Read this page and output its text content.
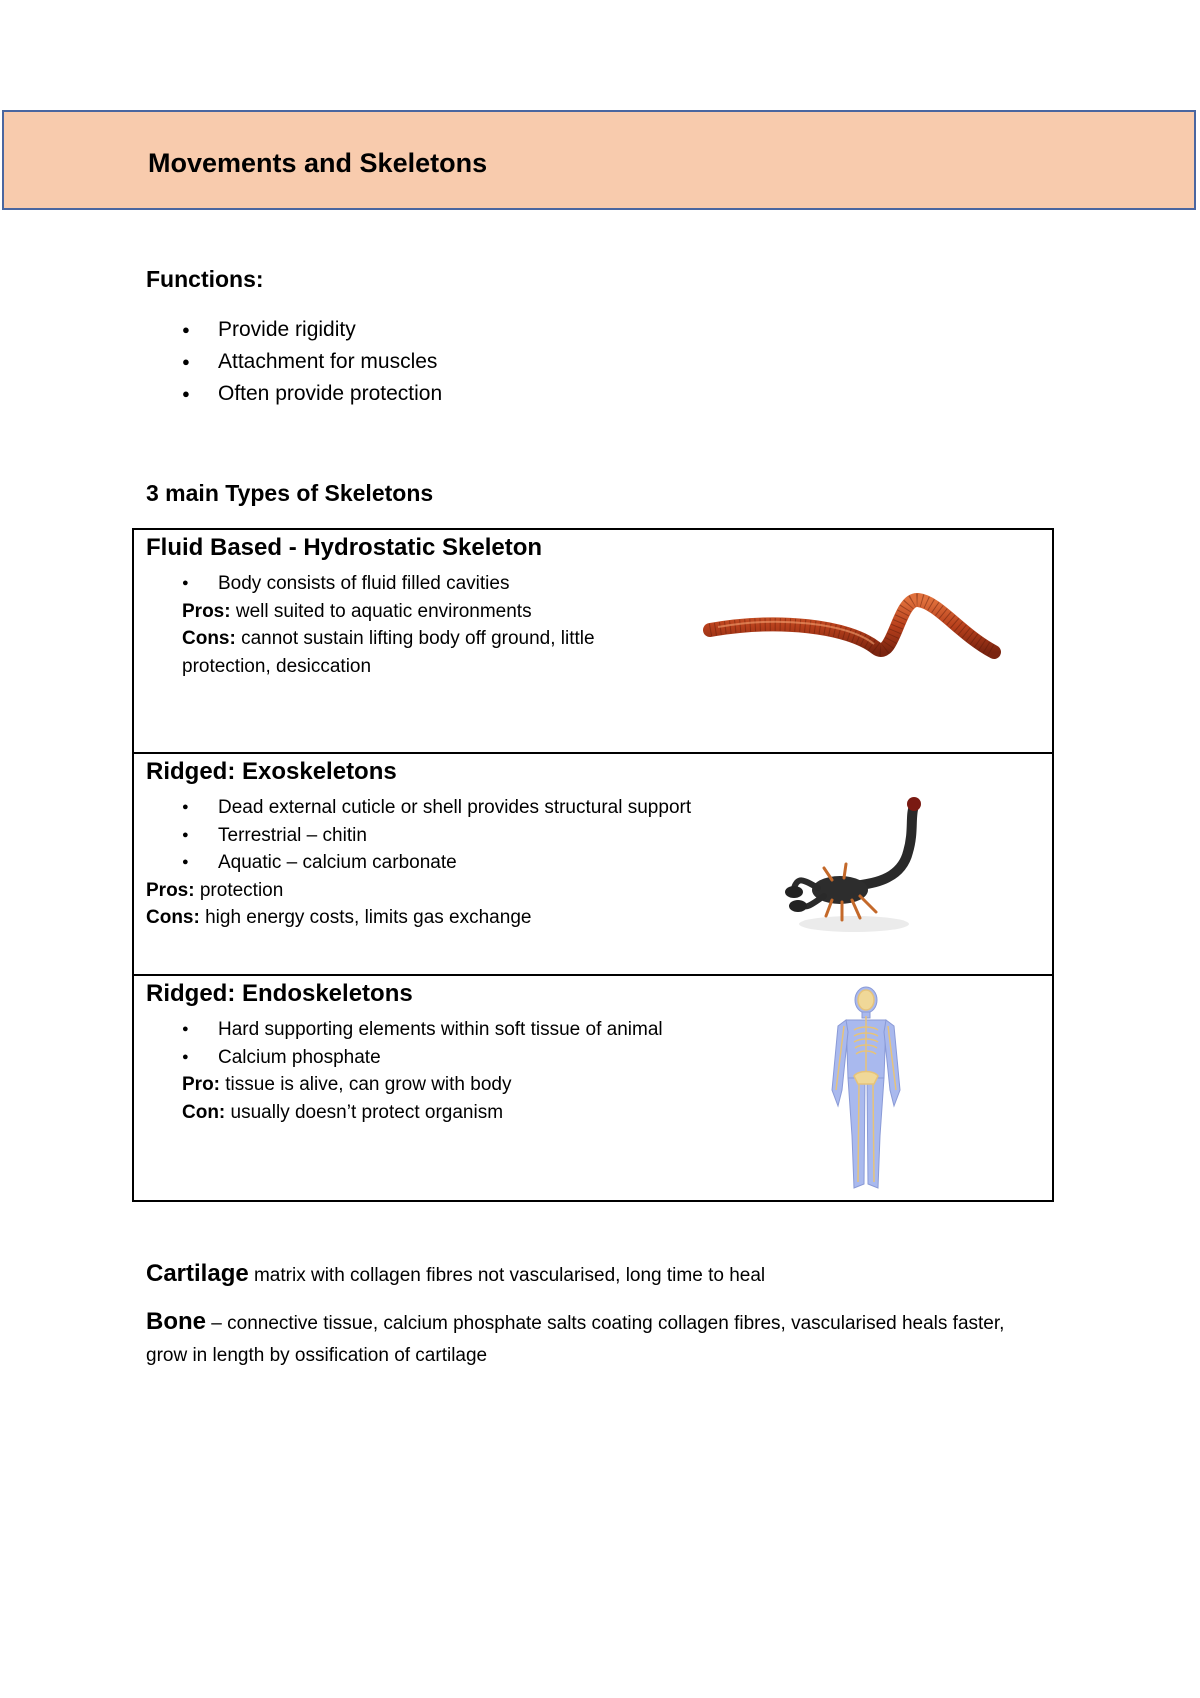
Movements and Skeletons
Functions:
● Provide rigidity
● Attachment for muscles
● Often provide protection
3 main Types of Skeletons
Fluid Based - Hydrostatic Skeleton
● Body consists of fluid filled cavities
Pros: well suited to aquatic environments
Cons: cannot sustain lifting body off ground, little
protection, desiccation
Ridged: Exoskeletons
● Dead external cuticle or shell provides structural support
● Terrestrial – chitin
● Aquatic – calcium carbonate
Pros: protection
Cons: high energy costs, limits gas exchange
Ridged: Endoskeletons
● Hard supporting elements within soft tissue of animal
● Calcium phosphate
Pro: tissue is alive, can grow with body
Con: usually doesn’t protect organism

Cartilage matrix with collagen fibres not vascularised, long time to heal

Bone – connective tissue, calcium phosphate salts coating collagen fibres, vascularised heals faster,
grow in length by ossification of cartilage
